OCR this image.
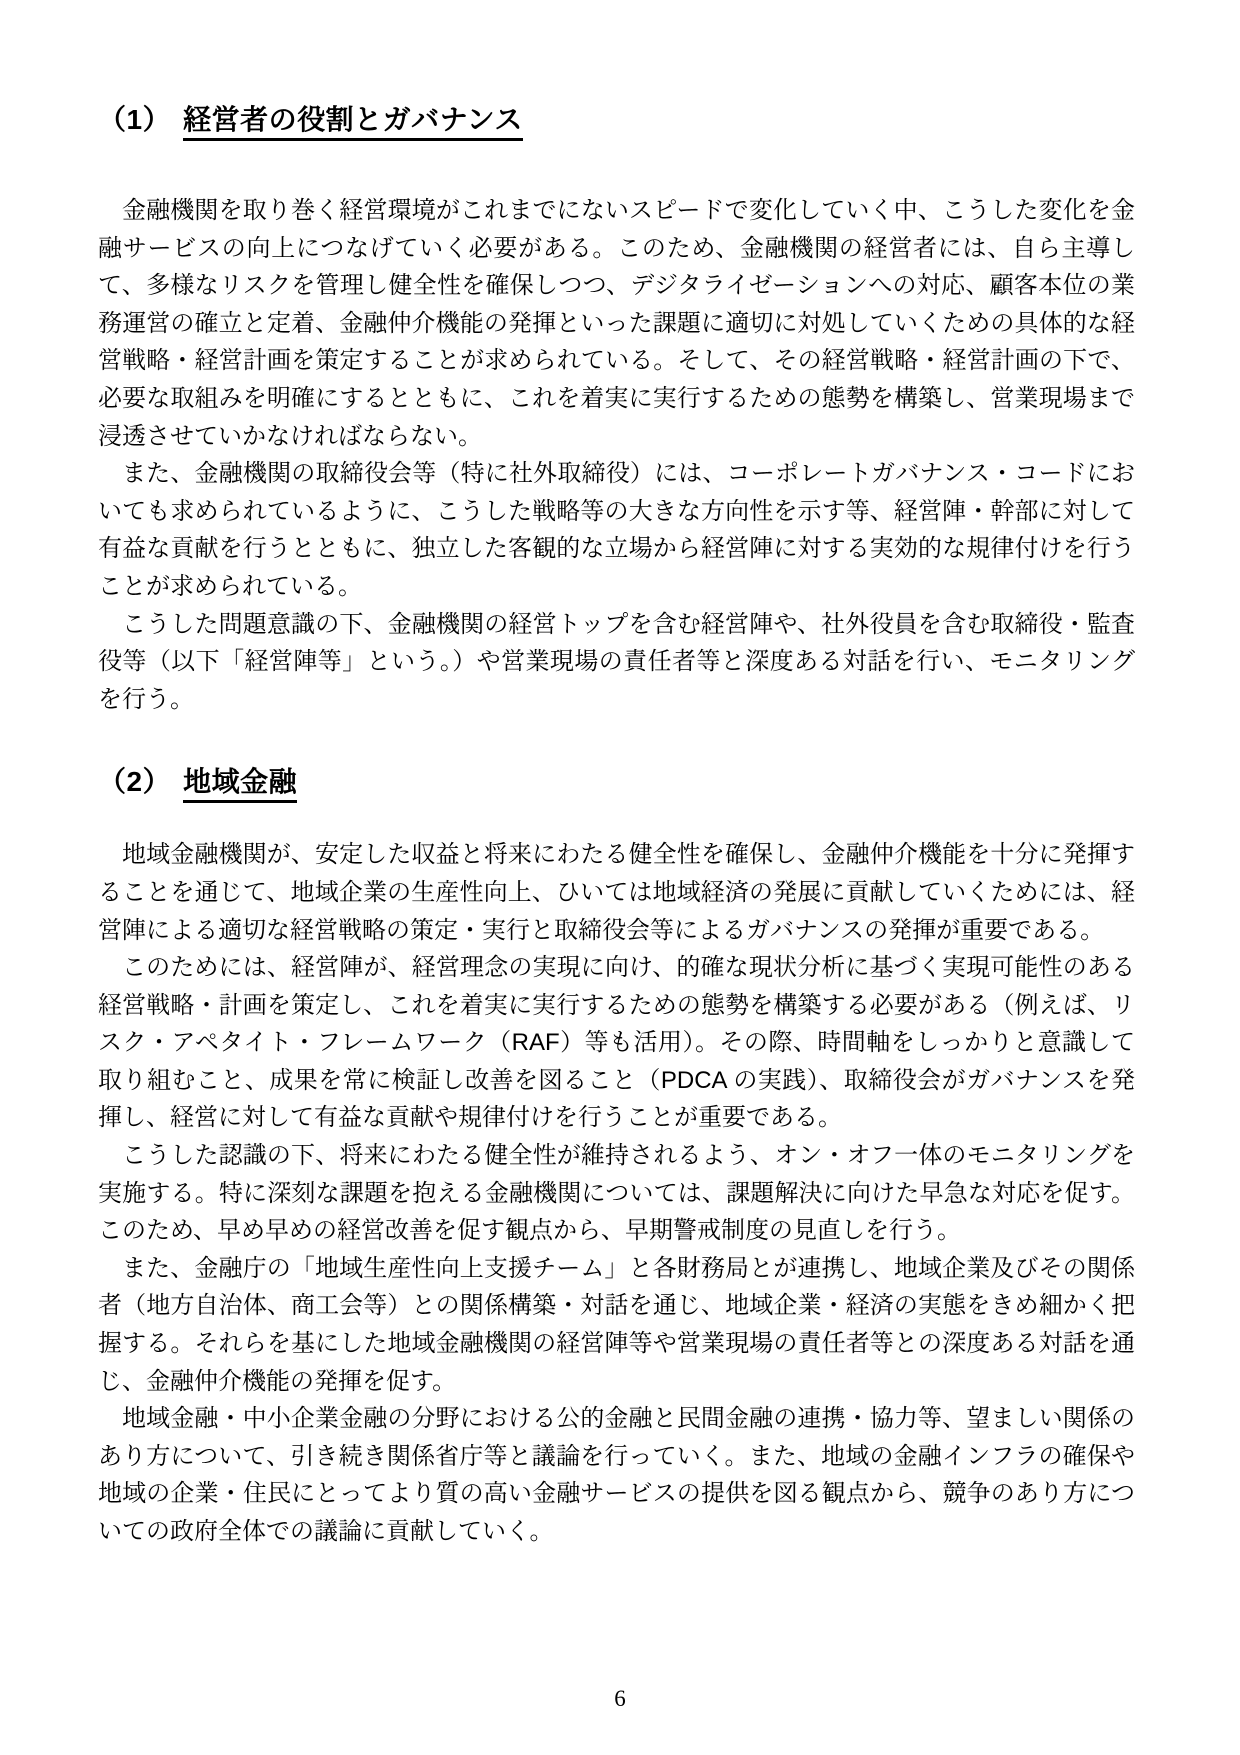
（1） 経営者の役割とガバナンス

金融機関を取り巻く経営環境がこれまでにないスピードで変化していく中、こうした変化を金融サービスの向上につなげていく必要がある。このため、金融機関の経営者には、自ら主導して、多様なリスクを管理し健全性を確保しつつ、デジタライゼーションへの対応、顧客本位の業務運営の確立と定着、金融仲介機能の発揮といった課題に適切に対処していくための具体的な経営戦略・経営計画を策定することが求められている。そして、その経営戦略・経営計画の下で、必要な取組みを明確にするとともに、これを着実に実行するための態勢を構築し、営業現場まで浸透させていかなければならない。

また、金融機関の取締役会等（特に社外取締役）には、コーポレートガバナンス・コードにおいても求められているように、こうした戦略等の大きな方向性を示す等、経営陣・幹部に対して有益な貢献を行うとともに、独立した客観的な立場から経営陣に対する実効的な規律付けを行うことが求められている。

こうした問題意識の下、金融機関の経営トップを含む経営陣や、社外役員を含む取締役・監査役等（以下「経営陣等」という。）や営業現場の責任者等と深度ある対話を行い、モニタリングを行う。

（2） 地域金融

地域金融機関が、安定した収益と将来にわたる健全性を確保し、金融仲介機能を十分に発揮することを通じて、地域企業の生産性向上、ひいては地域経済の発展に貢献していくためには、経営陣による適切な経営戦略の策定・実行と取締役会等によるガバナンスの発揮が重要である。

このためには、経営陣が、経営理念の実現に向け、的確な現状分析に基づく実現可能性のある経営戦略・計画を策定し、これを着実に実行するための態勢を構築する必要がある（例えば、リスク・アペタイト・フレームワーク（RAF）等も活用）。その際、時間軸をしっかりと意識して取り組むこと、成果を常に検証し改善を図ること（PDCA の実践）、取締役会がガバナンスを発揮し、経営に対して有益な貢献や規律付けを行うことが重要である。

こうした認識の下、将来にわたる健全性が維持されるよう、オン・オフ一体のモニタリングを実施する。特に深刻な課題を抱える金融機関については、課題解決に向けた早急な対応を促す。このため、早め早めの経営改善を促す観点から、早期警戒制度の見直しを行う。

また、金融庁の「地域生産性向上支援チーム」と各財務局とが連携し、地域企業及びその関係者（地方自治体、商工会等）との関係構築・対話を通じ、地域企業・経済の実態をきめ細かく把握する。それらを基にした地域金融機関の経営陣等や営業現場の責任者等との深度ある対話を通じ、金融仲介機能の発揮を促す。

地域金融・中小企業金融の分野における公的金融と民間金融の連携・協力等、望ましい関係のあり方について、引き続き関係省庁等と議論を行っていく。また、地域の金融インフラの確保や地域の企業・住民にとってより質の高い金融サービスの提供を図る観点から、競争のあり方についての政府全体での議論に貢献していく。

6
